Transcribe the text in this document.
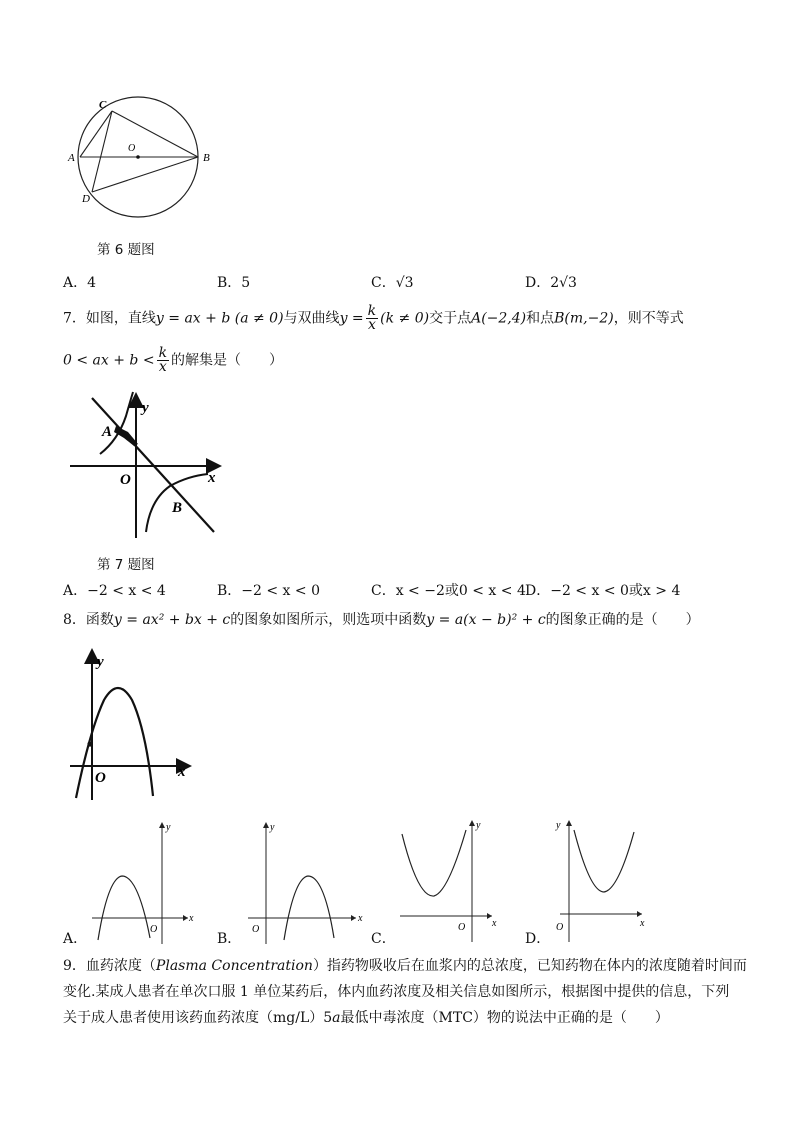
C
A
O
B
D
第 6 题图
A．4	B．5	C．√3	D．2√3
7．如图，直线y = ax + b (a ≠ 0)与双曲线$y = \frac{k}{x} (k \ne 0)$交于点A(−2,4)和点B(m,−2)，则不等式
0 < ax + $b < \frac{k}{x}$ 的解集是（　　）
y
x
A
O
B
第 7 题图
A．−2 < x < 4	B．−2 < x < 0	C．x < −2或0 < x < 4 D．−2 < x < 0或x > 4
8．函数y = ax² + bx + c的图象如图所示，则选项中函数y = a(x − b)² + c的图象正确的是（　　）
y
x
O
y
x
O
y
x
O
y
x
O
y
x
O
A．	B．	C．	D．
9．血药浓度（Plasma Concentration）指药物吸收后在血浆内的总浓度，已知药物在体内的浓度随着时间而
变化.某成人患者在单次口服 1 单位某药后，体内血药浓度及相关信息如图所示，根据图中提供的信息，下列
关于成人患者使用该药血药浓度（mg/L）5a最低中毒浓度（MTC）物的说法中正确的是（　　）
